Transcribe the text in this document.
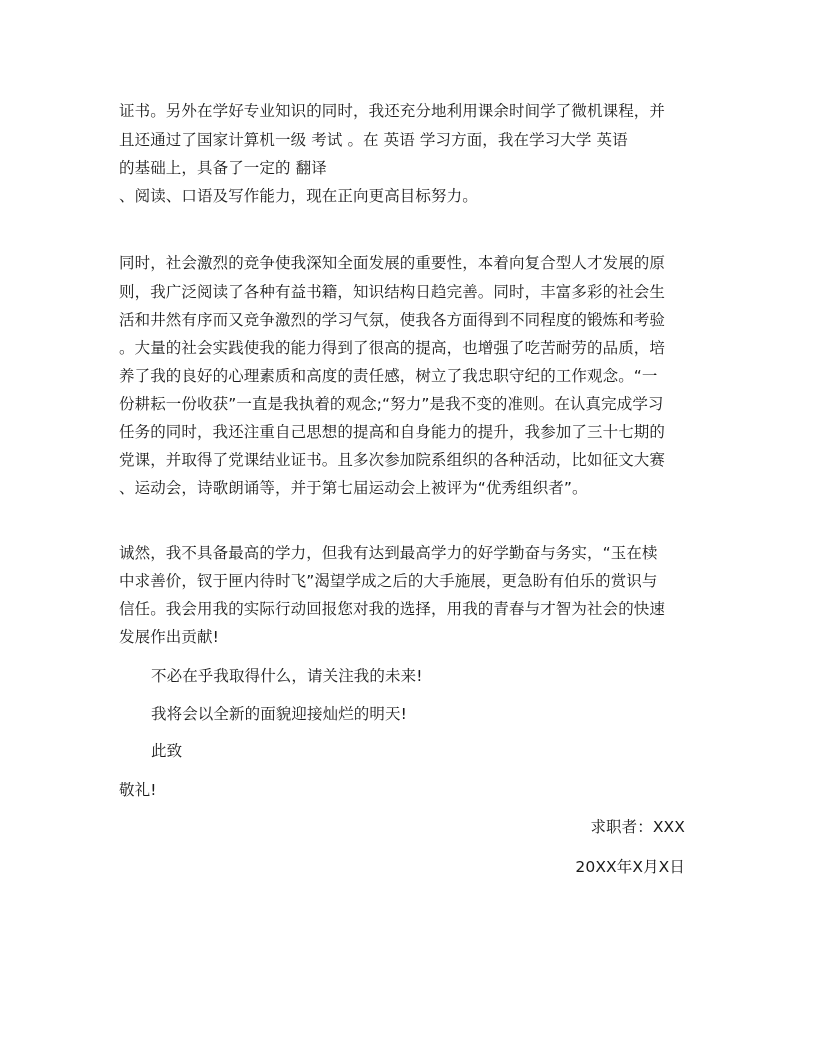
证书。另外在学好专业知识的同时，我还充分地利用课余时间学了微机课程，并
且还通过了国家计算机一级 考试 。在 英语 学习方面，我在学习大学 英语
的基础上，具备了一定的 翻译
、阅读、口语及写作能力，现在正向更高目标努力。
同时，社会激烈的竞争使我深知全面发展的重要性，本着向复合型人才发展的原
则，我广泛阅读了各种有益书籍，知识结构日趋完善。同时，丰富多彩的社会生
活和井然有序而又竞争激烈的学习气氛，使我各方面得到不同程度的锻炼和考验
。大量的社会实践使我的能力得到了很高的提高，也增强了吃苦耐劳的品质，培
养了我的良好的心理素质和高度的责任感，树立了我忠职守纪的工作观念。“一
份耕耘一份收获”一直是我执着的观念;“努力”是我不变的准则。在认真完成学习
任务的同时，我还注重自己思想的提高和自身能力的提升，我参加了三十七期的
党课，并取得了党课结业证书。且多次参加院系组织的各种活动，比如征文大赛
、运动会，诗歌朗诵等，并于第七届运动会上被评为“优秀组织者”。
诚然，我不具备最高的学力，但我有达到最高学力的好学勤奋与务实，“玉在椟
中求善价，钗于匣内待时飞”渴望学成之后的大手施展，更急盼有伯乐的赏识与
信任。我会用我的实际行动回报您对我的选择，用我的青春与才智为社会的快速
发展作出贡献!
不必在乎我取得什么，请关注我的未来!
我将会以全新的面貌迎接灿烂的明天!
此致
敬礼!
求职者：XXX
20XX年X月X日
